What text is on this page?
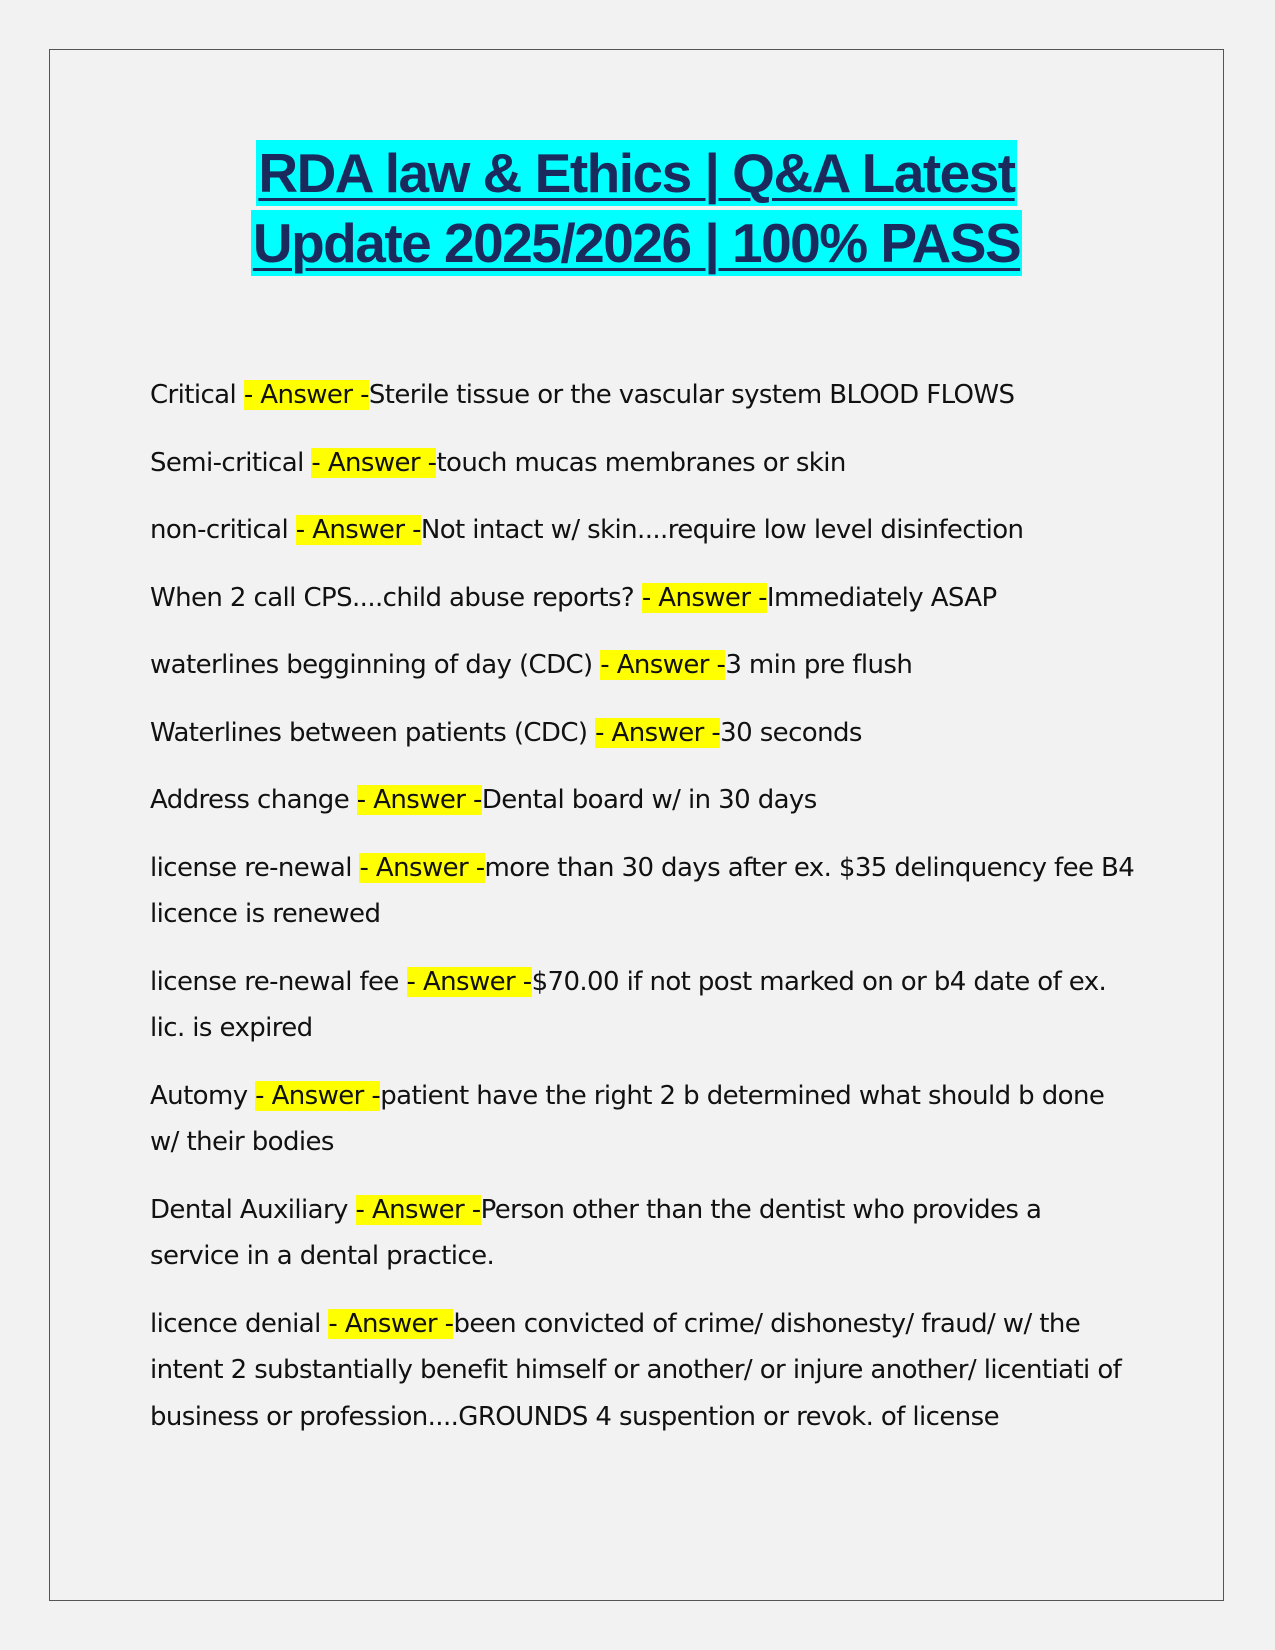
RDA law & Ethics | Q&A Latest
Update 2025/2026 | 100% PASS
Critical - Answer -Sterile tissue or the vascular system BLOOD FLOWS
Semi-critical - Answer -touch mucas membranes or skin
non-critical - Answer -Not intact w/ skin....require low level disinfection
When 2 call CPS....child abuse reports? - Answer -Immediately ASAP
waterlines begginning of day (CDC) - Answer -3 min pre flush
Waterlines between patients (CDC) - Answer -30 seconds
Address change - Answer -Dental board w/ in 30 days
license re-newal - Answer -more than 30 days after ex. $35 delinquency fee B4 licence is renewed
license re-newal fee - Answer -$70.00 if not post marked on or b4 date of ex. lic. is expired
Automy - Answer -patient have the right 2 b determined what should b done w/ their bodies
Dental Auxiliary - Answer -Person other than the dentist who provides a service in a dental practice.
licence denial - Answer -been convicted of crime/ dishonesty/ fraud/ w/ the intent 2 substantially benefit himself or another/ or injure another/ licentiati of business or profession....GROUNDS 4 suspention or revok. of license
